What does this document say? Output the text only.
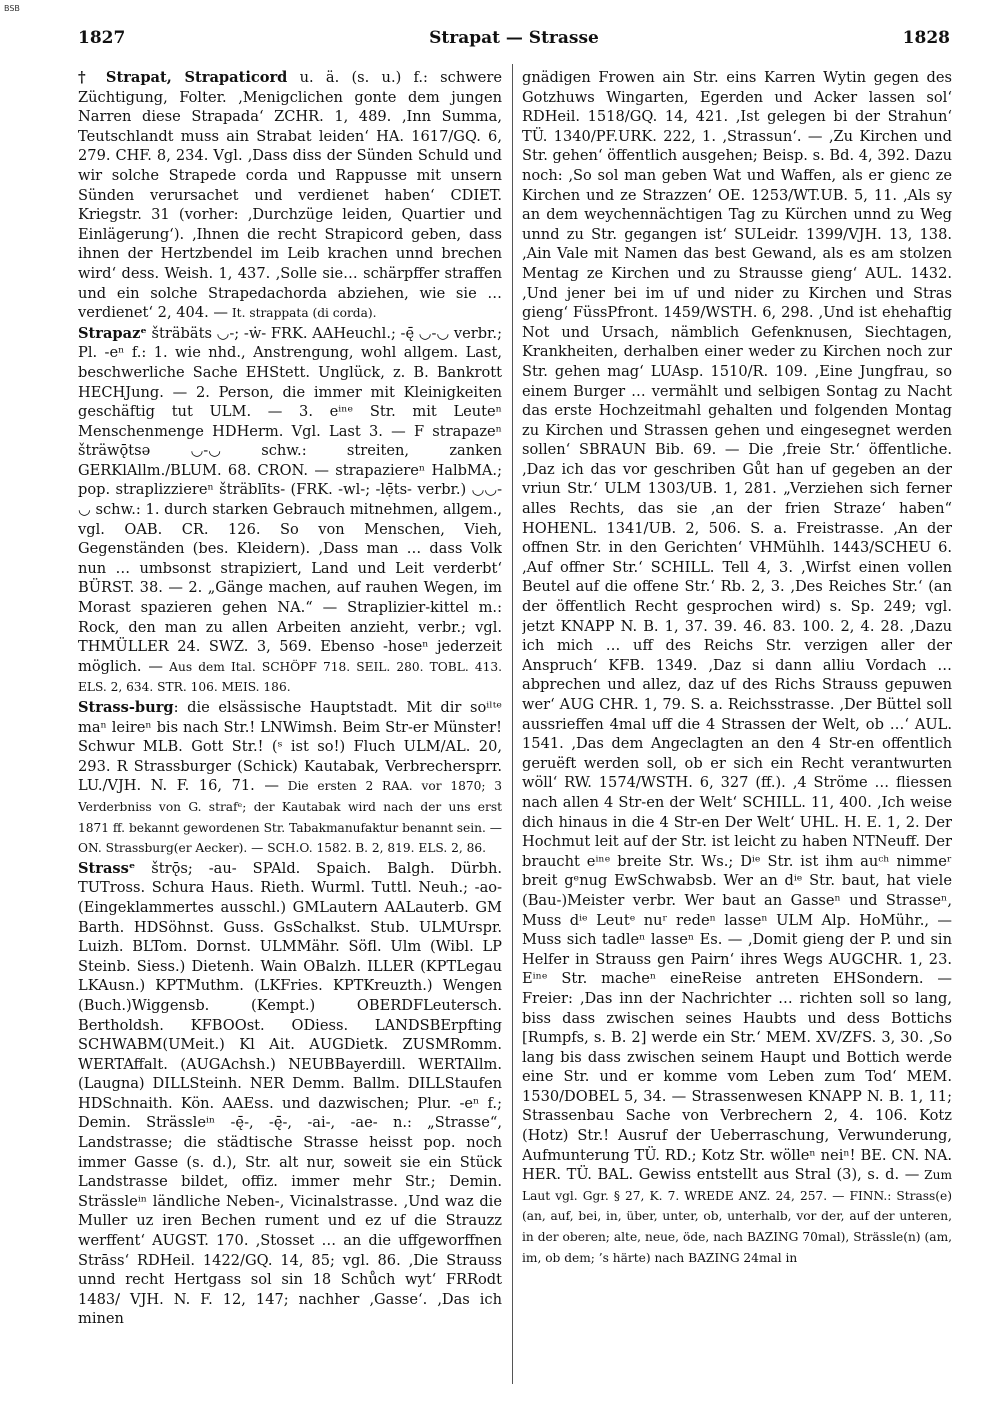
BSB
1827	Strapat — Strasse	1828
† Strapat, Strapaticord u. ä. (s. u.) f.: schwere Züchtigung, Folter. ‚Menigclichen gonte dem jungen Narren diese Strapada‘ ZCHR. 1, 489. ‚Inn Summa, Teutschlandt muss ain Strabat leiden‘ HA. 1617/GQ. 6, 279. CHF. 8, 234. Vgl. ‚Dass diss der Sünden Schuld und wir solche Strapede corda und Rappusse mit unsern Sünden verursachet und verdienet haben‘ CDIET. Kriegstr. 31 (vorher: ‚Durchzüge leiden, Quartier und Einlägerung‘). ‚Ihnen die recht Strapicord geben, dass ihnen der Hertzbendel im Leib krachen unnd brechen wird‘ dess. Weish. 1, 437. ‚Solle sie… schärpffer straffen und ein solche Strapedachorda abziehen, wie sie … verdienet‘ 2, 404. — It. strappata (di corda).
Strapazᵉ šträbäts ◡-; -ẇ- FRK. AAHeuchl.; -ę̄ ◡-◡ verbr.; Pl. -eⁿ f.: 1. wie nhd., Anstrengung, wohl allgem. Last, beschwerliche Sache EHStett. Unglück, z. B. Bankrott HECHJung. — 2. Person, die immer mit Kleinigkeiten geschäftig tut ULM. — 3. eⁱⁿᵉ Str. mit Leuteⁿ Menschenmenge HDHerm. Vgl. Last 3. — F strapazeⁿ šträwǭtsə ◡-◡ schw.: streiten, zanken GERKlAllm./BLUM. 68. CRON. — strapaziereⁿ HalbMA.; pop. straplizziereⁿ šträblīts- (FRK. -wl-; -lẹ̄ts- verbr.) ◡◡-◡ schw.: 1. durch starken Gebrauch mitnehmen, allgem., vgl. OAB. CR. 126. So von Menschen, Vieh, Gegenständen (bes. Kleidern). ‚Dass man … dass Volk nun … umbsonst strapiziert, Land und Leit verderbt‘ BÜRST. 38. — 2. „Gänge machen, auf rauhen Wegen, im Morast spazieren gehen NA.“ — Straplizier-kittel m.: Rock, den man zu allen Arbeiten anzieht, verbr.; vgl. THMÜLLER 24. SWZ. 3, 569. Ebenso -hoseⁿ jederzeit möglich. — Aus dem Ital. SCHÖPF 718. SEIL. 280. TOBL. 413. ELS. 2, 634. STR. 106. MEIS. 186.
Strass-burg: die elsässische Hauptstadt. Mit dir soⁱˡᵗᵉ maⁿ leireⁿ bis nach Str.! LNWimsh. Beim Str-er Münster! Schwur MLB. Gott Str.! (ˢ ist so!) Fluch ULM/AL. 20, 293. R Strassburger (Schick) Kautabak, Verbrechersprr. LU./VJH. N. F. 16, 71. — Die ersten 2 RAA. vor 1870; 3 Verderbniss von G. strafᵉ; der Kautabak wird nach der uns erst 1871 ff. bekannt gewordenen Str. Tabakmanufaktur benannt sein. — ON. Strassburg(er Aecker). — SCH.O. 1582. B. 2, 819. ELS. 2, 86.
Strassᵉ štrǭs; -au- SPAld. Spaich. Balgh. Dürbh. TUTross. Schura Haus. Rieth. Wurml. Tuttl. Neuh.; -ao- (Eingeklammertes ausschl.) GMLautern AALauterb. GM Barth. HDSöhnst. Guss. GsSchalkst. Stub. ULMUrspr. Luizh. BLTom. Dornst. ULMMähr. Söfl. Ulm (Wibl. LP Steinb. Siess.) Dietenh. Wain OBalzh. ILLER (KPTLegau LKAusn.) KPTMuthm. (LKFries. KPTKreuzth.) Wengen (Buch.)Wiggensb. (Kempt.) OBERDFLeutersch. Bertholdsh. KFBOOst. ODiess. LANDSBErpfting SCHWABM(UMeit.) Kl Ait. AUGDietk. ZUSMRomm. WERTAffalt. (AUGAchsh.) NEUBBayerdill. WERTAllm. (Laugna) DILLSteinh. NER Demm. Ballm. DILLStaufen HDSchnaith. Kön. AAEss. und dazwischen; Plur. -eⁿ f.; Demin. Strässleⁱⁿ -ę̄-, -ę̄-, -ai-, -ae- n.: „Strasse“, Landstrasse; die städtische Strasse heisst pop. noch immer Gasse (s. d.), Str. alt nur, soweit sie ein Stück Landstrasse bildet, offiz. immer mehr Str.; Demin. Strässleⁱⁿ ländliche Neben-, Vicinalstrasse. ‚Und waz die Muller uz iren Bechen rument und ez uf die Strauzz werffent‘ AUGST. 170. ‚Stosset … an die uffgeworffnen Strāss‘ RDHeil. 1422/GQ. 14, 85; vgl. 86. ‚Die Strauss unnd recht Hertgass sol sin 18 Schůch wyt‘ FRRodt 1483/ VJH. N. F. 12, 147; nachher ‚Gasse‘. ‚Das ich minen
gnädigen Frowen ain Str. eins Karren Wytin gegen des Gotzhuws Wingarten, Egerden und Acker lassen sol‘ RDHeil. 1518/GQ. 14, 421. ‚Ist gelegen bi der Strahun‘ TÜ. 1340/PF.URK. 222, 1. ‚Strassun‘. — ‚Zu Kirchen und Str. gehen‘ öffentlich ausgehen; Beisp. s. Bd. 4, 392. Dazu noch: ‚So sol man geben Wat und Waffen, als er gienc ze Kirchen und ze Strazzen‘ OE. 1253/WT.UB. 5, 11. ‚Als sy an dem weychennächtigen Tag zu Kürchen unnd zu Weg unnd zu Str. gegangen ist‘ SULeidr. 1399/VJH. 13, 138. ‚Ain Vale mit Namen das best Gewand, als es am stolzen Mentag ze Kirchen und zu Strausse gieng‘ AUL. 1432. ‚Und jener bei im uf und nider zu Kirchen und Stras gieng‘ FüssPfront. 1459/WSTH. 6, 298. ‚Und ist ehehaftig Not und Ursach, nämblich Gefenknusen, Siechtagen, Krankheiten, derhalben einer weder zu Kirchen noch zur Str. gehen mag‘ LUAsp. 1510/R. 109. ‚Eine Jungfrau, so einem Burger … vermählt und selbigen Sontag zu Nacht das erste Hochzeitmahl gehalten und folgenden Montag zu Kirchen und Strassen gehen und eingesegnet werden sollen‘ SBRAUN Bib. 69. — Die ‚freie Str.‘ öffentliche. ‚Daz ich das vor geschriben Gůt han uf gegeben an der vriun Str.‘ ULM 1303/UB. 1, 281. „Verziehen sich ferner alles Rechts, das sie ‚an der frien Straze‘ haben“ HOHENL. 1341/UB. 2, 506. S. a. Freistrasse. ‚An der offnen Str. in den Gerichten‘ VHMühlh. 1443/SCHEU 6. ‚Auf offner Str.‘ SCHILL. Tell 4, 3. ‚Wirfst einen vollen Beutel auf die offene Str.‘ Rb. 2, 3. ‚Des Reiches Str.‘ (an der öffentlich Recht gesprochen wird) s. Sp. 249; vgl. jetzt KNAPP N. B. 1, 37. 39. 46. 83. 100. 2, 4. 28. ‚Dazu ich mich … uff des Reichs Str. verzigen aller der Anspruch‘ KFB. 1349. ‚Daz si dann alliu Vordach … abprechen und allez, daz uf des Richs Strauss gepuwen wer‘ AUG CHR. 1, 79. S. a. Reichsstrasse. ‚Der Büttel soll aussrieffen 4mal uff die 4 Strassen der Welt, ob …‘ AUL. 1541. ‚Das dem Angeclagten an den 4 Str-en offentlich geruëft werden soll, ob er sich ein Recht verantwurten wöll‘ RW. 1574/WSTH. 6, 327 (ff.). ‚4 Ströme … fliessen nach allen 4 Str-en der Welt‘ SCHILL. 11, 400. ‚Ich weise dich hinaus in die 4 Str-en Der Welt‘ UHL. H. E. 1, 2. Der Hochmut leit auf der Str. ist leicht zu haben NTNeuff. Der braucht eⁱⁿᵉ breite Str. Ws.; Dⁱᵉ Str. ist ihm auᶜʰ nimmeʳ breit gᵉnug EwSchwabsb. Wer an dⁱᵉ Str. baut, hat viele (Bau-)Meister verbr. Wer baut an Gasseⁿ und Strasseⁿ, Muss dⁱᵉ Leutᵉ nuʳ redeⁿ lasseⁿ ULM Alp. HoMühr., — Muss sich tadleⁿ lasseⁿ Es. — ‚Domit gieng der P. und sin Helfer in Strauss gen Pairn‘ ihres Wegs AUGCHR. 1, 23. Eⁱⁿᵉ Str. macheⁿ eineReise antreten EHSondern. — Freier: ‚Das inn der Nachrichter … richten soll so lang, biss dass zwischen seines Haubts und dess Bottichs [Rumpfs, s. B. 2] werde ein Str.‘ MEM. XV/ZFS. 3, 30. ‚So lang bis dass zwischen seinem Haupt und Bottich werde eine Str. und er komme vom Leben zum Tod‘ MEM. 1530/DOBEL 5, 34. — Strassenwesen KNAPP N. B. 1, 11; Strassenbau Sache von Verbrechern 2, 4. 106. Kotz (Hotz) Str.! Ausruf der Ueberraschung, Verwunderung, Aufmunterung TÜ. RD.; Kotz Str. wölleⁿ neiⁿ! BE. CN. NA. HER. TÜ. BAL. Gewiss entstellt aus Stral (3), s. d. — Zum Laut vgl. Ggr. § 27, K. 7. WREDE ANZ. 24, 257. — FINN.: Strass(e) (an, auf, bei, in, über, unter, ob, unterhalb, vor der, auf der unteren, in der oberen; alte, neue, öde, nach BAZING 70mal), Strässle(n) (am, im, ob dem; ’s härte) nach BAZING 24mal in
